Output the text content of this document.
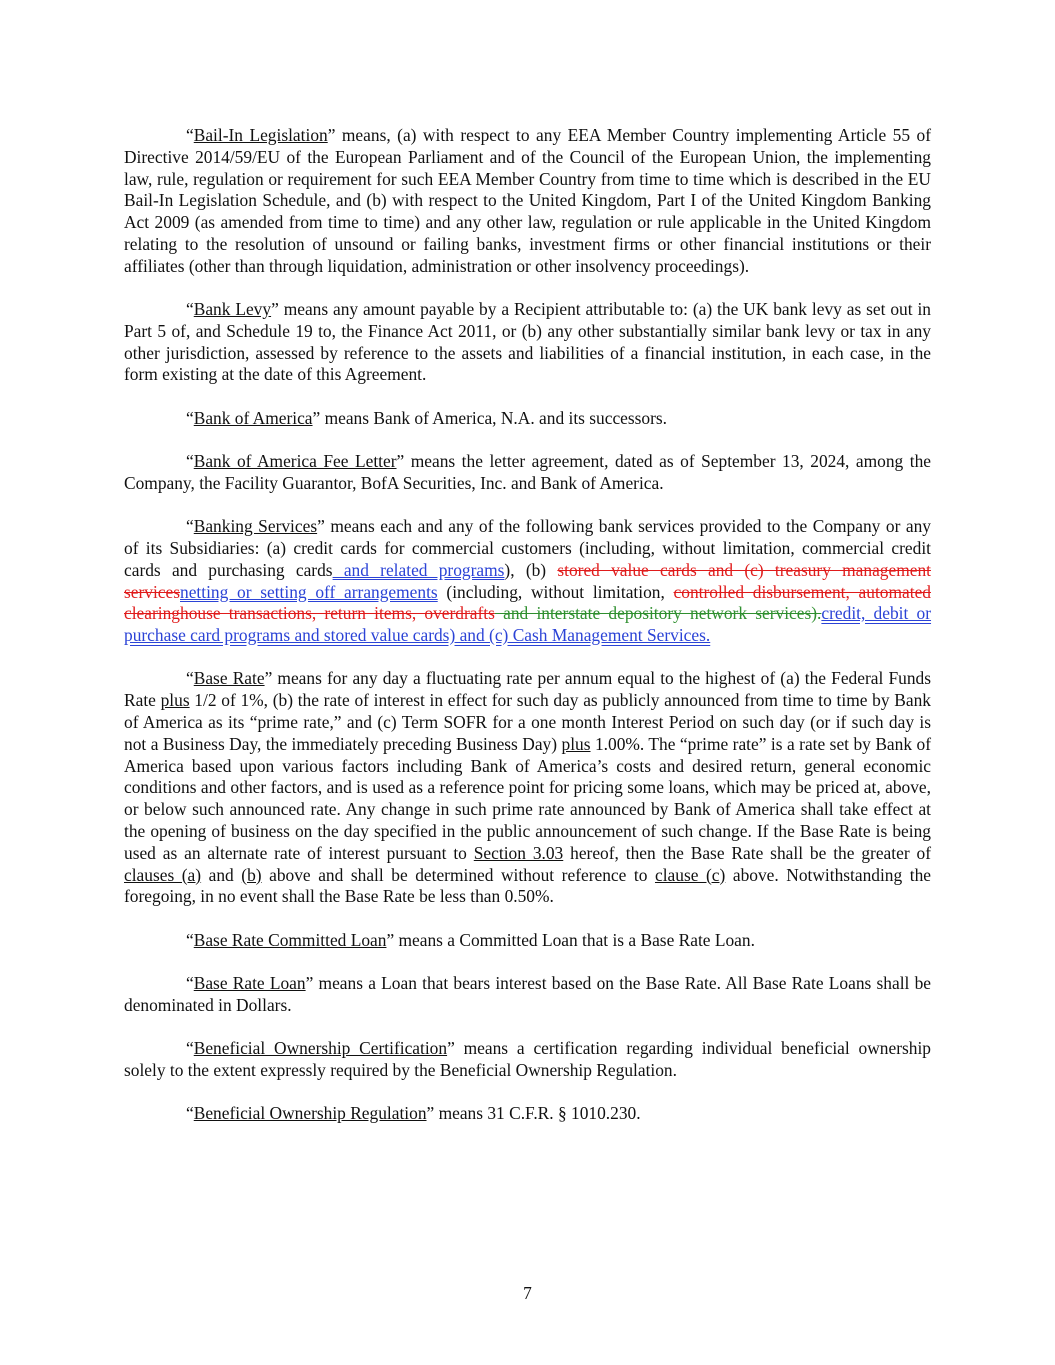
“Bail-In Legislation” means, (a) with respect to any EEA Member Country implementing Article 55 of Directive 2014/59/EU of the European Parliament and of the Council of the European Union, the implementing law, rule, regulation or requirement for such EEA Member Country from time to time which is described in the EU Bail-In Legislation Schedule, and (b) with respect to the United Kingdom, Part I of the United Kingdom Banking Act 2009 (as amended from time to time) and any other law, regulation or rule applicable in the United Kingdom relating to the resolution of unsound or failing banks, investment firms or other financial institutions or their affiliates (other than through liquidation, administration or other insolvency proceedings).

“Bank Levy” means any amount payable by a Recipient attributable to: (a) the UK bank levy as set out in Part 5 of, and Schedule 19 to, the Finance Act 2011, or (b) any other substantially similar bank levy or tax in any other jurisdiction, assessed by reference to the assets and liabilities of a financial institution, in each case, in the form existing at the date of this Agreement.

“Bank of America” means Bank of America, N.A. and its successors.

“Bank of America Fee Letter” means the letter agreement, dated as of September 13, 2024, among the Company, the Facility Guarantor, BofA Securities, Inc. and Bank of America.

“Banking Services” means each and any of the following bank services provided to the Company or any of its Subsidiaries: (a) credit cards for commercial customers (including, without limitation, commercial credit cards and purchasing cards and related programs), (b) stored value cards and (c) treasury management servicesnetting or setting off arrangements (including, without limitation, controlled disbursement, automated clearinghouse transactions, return items, overdrafts and interstate depository network services).credit, debit or purchase card programs and stored value cards) and (c) Cash Management Services.

“Base Rate” means for any day a fluctuating rate per annum equal to the highest of (a) the Federal Funds Rate plus 1/2 of 1%, (b) the rate of interest in effect for such day as publicly announced from time to time by Bank of America as its “prime rate,” and (c) Term SOFR for a one month Interest Period on such day (or if such day is not a Business Day, the immediately preceding Business Day) plus 1.00%. The “prime rate” is a rate set by Bank of America based upon various factors including Bank of America’s costs and desired return, general economic conditions and other factors, and is used as a reference point for pricing some loans, which may be priced at, above, or below such announced rate. Any change in such prime rate announced by Bank of America shall take effect at the opening of business on the day specified in the public announcement of such change. If the Base Rate is being used as an alternate rate of interest pursuant to Section 3.03 hereof, then the Base Rate shall be the greater of clauses (a) and (b) above and shall be determined without reference to clause (c) above. Notwithstanding the foregoing, in no event shall the Base Rate be less than 0.50%.

“Base Rate Committed Loan” means a Committed Loan that is a Base Rate Loan.

“Base Rate Loan” means a Loan that bears interest based on the Base Rate. All Base Rate Loans shall be denominated in Dollars.

“Beneficial Ownership Certification” means a certification regarding individual beneficial ownership solely to the extent expressly required by the Beneficial Ownership Regulation.

“Beneficial Ownership Regulation” means 31 C.F.R. § 1010.230.

7
